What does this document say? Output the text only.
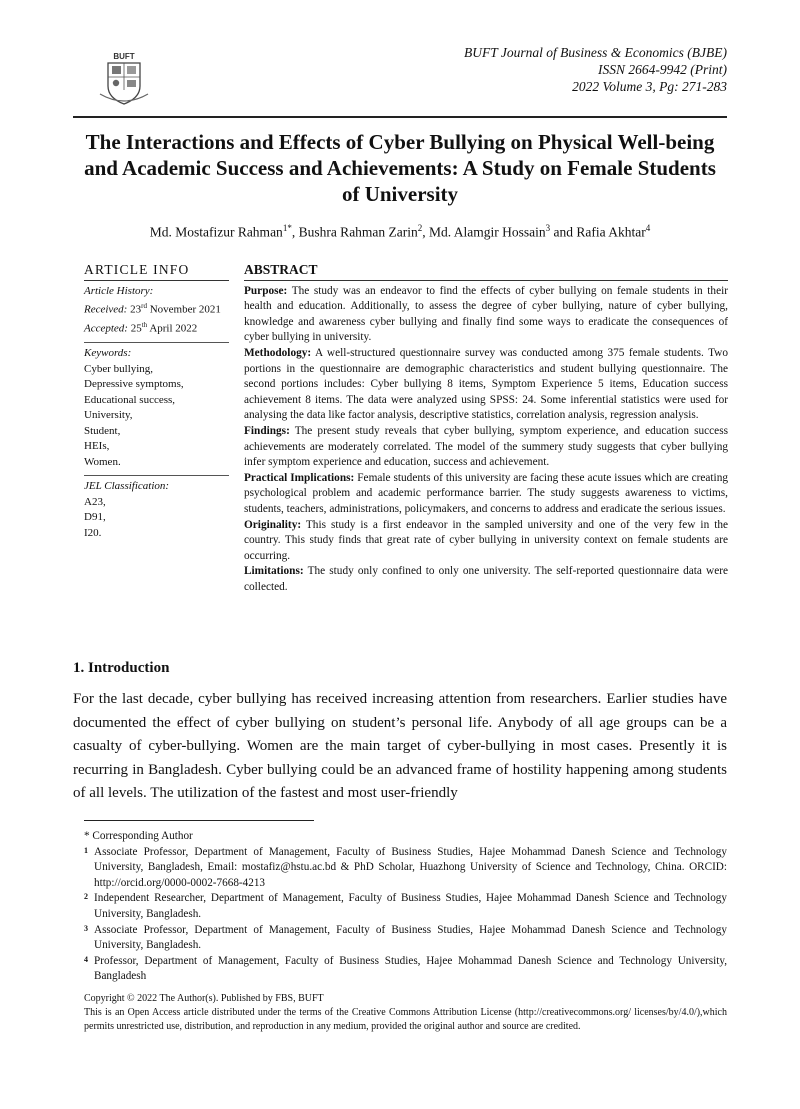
BUFT	BUFT Journal of Business & Economics (BJBE)
ISSN 2664-9942 (Print)
2022 Volume 3, Pg: 271-283
The Interactions and Effects of Cyber Bullying on Physical Well-being and Academic Success and Achievements: A Study on Female Students of University
Md. Mostafizur Rahman$^{1*}$, Bushra Rahman Zarin$^2$, Md. Alamgir Hossain$^3$ and Rafia Akhtar$^4$
ARTICLE INFO
Article History:
Received: 23rd November 2021
Accepted: 25th April 2022
Keywords:
Cyber bullying,
Depressive symptoms,
Educational success,
University,
Student,
HEIs,
Women.
JEL Classification:
A23,
D91,
I20.
ABSTRACT

Purpose: The study was an endeavor to find the effects of cyber bullying on female students in their health and education. Additionally, to assess the degree of cyber bullying, nature of cyber bullying, knowledge and awareness cyber bullying and finally find some ways to eradicate the consequences of cyber bullying in university.

Methodology: A well-structured questionnaire survey was conducted among 375 female students. Two portions in the questionnaire are demographic characteristics and student bullying questionnaire. The second portions includes: Cyber bullying 8 items, Symptom Experience 5 items, Education success achievement 8 items. The data were analyzed using SPSS: 24. Some inferential statistics were used for analysing the data like factor analysis, descriptive statistics, correlation analysis, regression analysis.

Findings: The present study reveals that cyber bullying, symptom experience, and education success achievements are moderately correlated. The model of the summery study suggests that cyber bullying infer symptom experience and education, success and achievement.

Practical Implications: Female students of this university are facing these acute issues which are creating psychological problem and academic performance barrier. The study suggests awareness to victims, students, teachers, administrations, policymakers, and concerns to address and eradicate the serious issues.

Originality: This study is a first endeavor in the sampled university and one of the very few in the country. This study finds that great rate of cyber bullying in university context on female students are occurring.

Limitations: The study only confined to only one university. The self-reported questionnaire data were collected.

1. Introduction
For the last decade, cyber bullying has received increasing attention from researchers. Earlier studies have documented the effect of cyber bullying on student’s personal life. Anybody of all age groups can be a casualty of cyber-bullying. Women are the main target of cyber-bullying in most cases. Presently it is recurring in Bangladesh. Cyber bullying could be an advanced frame of hostility happening among students of all levels. The utilization of the fastest and most user-friendly
* Corresponding Author
1 Associate Professor, Department of Management, Faculty of Business Studies, Hajee Mohammad Danesh Science and Technology University, Bangladesh, Email: mostafiz@hstu.ac.bd & PhD Scholar, Huazhong University of Science and Technology, China. ORCID: http://orcid.org/0000-0002-7668-4213
2 Independent Researcher, Department of Management, Faculty of Business Studies, Hajee Mohammad Danesh Science and Technology University, Bangladesh.
3 Associate Professor, Department of Management, Faculty of Business Studies, Hajee Mohammad Danesh Science and Technology University, Bangladesh.
4 Professor, Department of Management, Faculty of Business Studies, Hajee Mohammad Danesh Science and Technology University, Bangladesh
Copyright © 2022 The Author(s). Published by FBS, BUFT
This is an Open Access article distributed under the terms of the Creative Commons Attribution License (http://creativecommons.org/ licenses/by/4.0/),which permits unrestricted use, distribution, and reproduction in any medium, provided the original author and source are credited.
